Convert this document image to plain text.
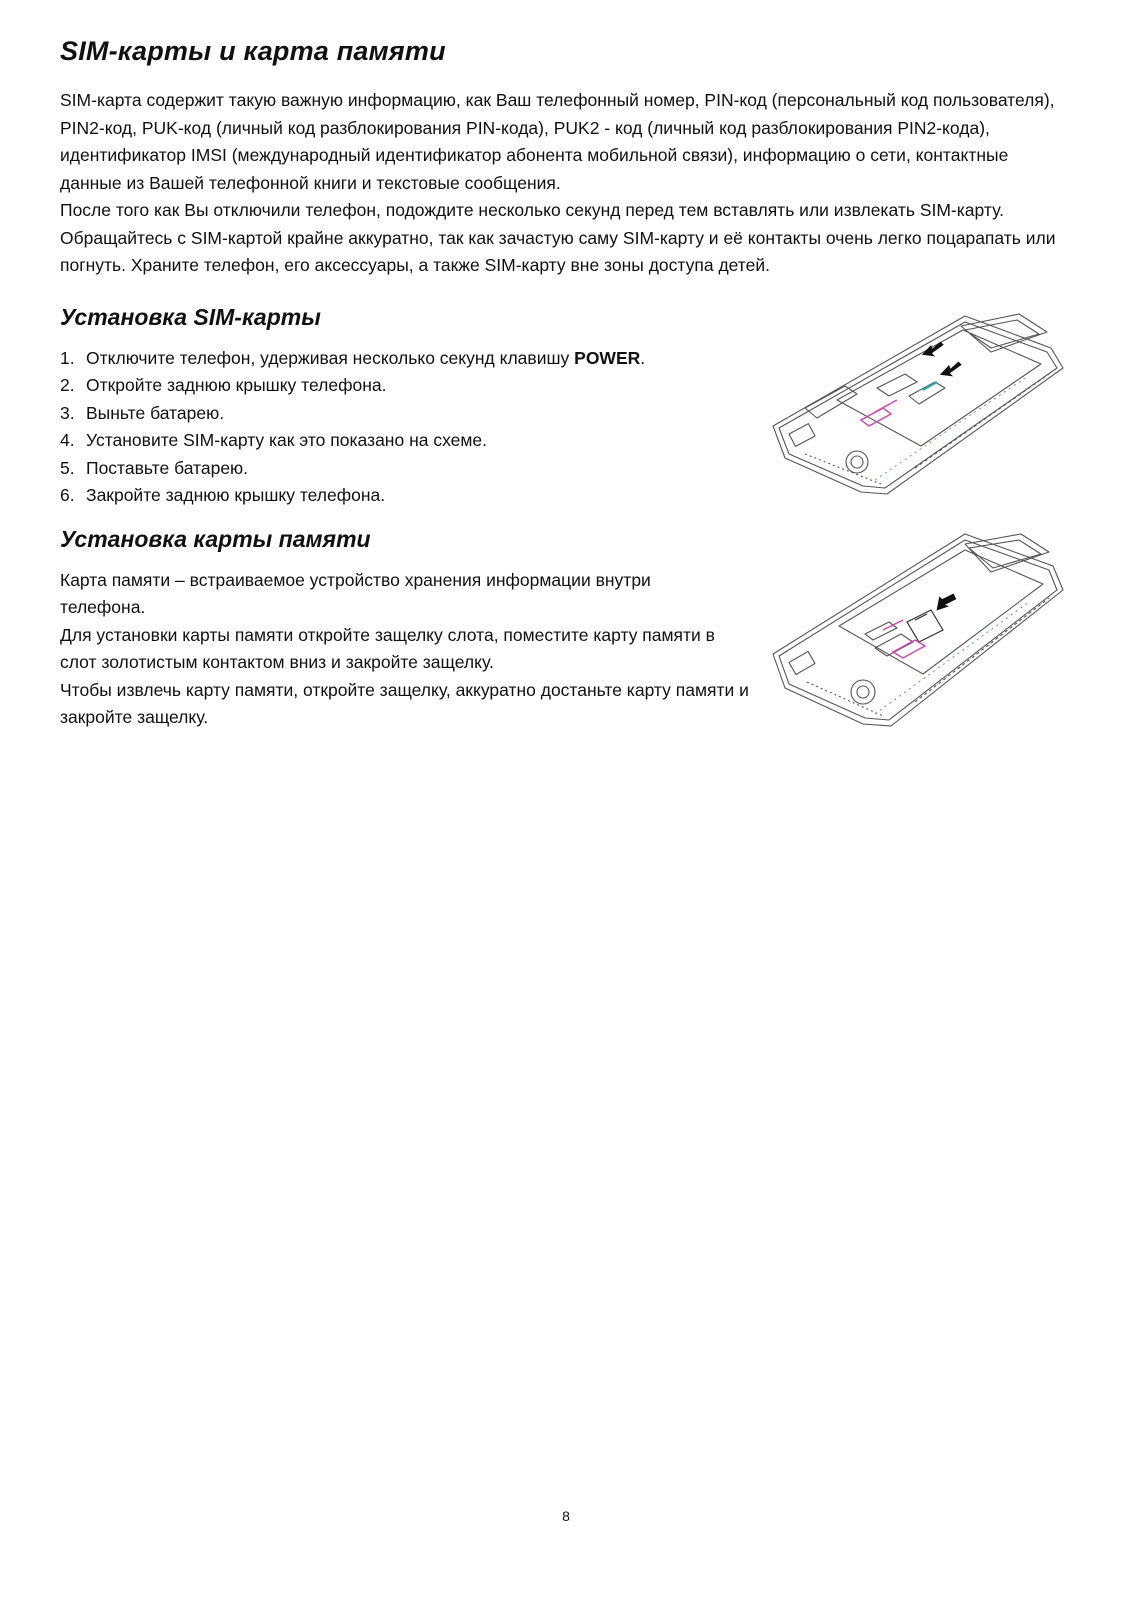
SIM-карты и карта памяти

SIM-карта содержит такую важную информацию, как Ваш телефонный номер, PIN-код (персональный код пользователя), PIN2-код, PUK-код (личный код разблокирования PIN-кода), PUK2 - код (личный код разблокирования PIN2-кода), идентификатор IMSI (международный идентификатор абонента мобильной связи), информацию о сети, контактные данные из Вашей телефонной книги и текстовые сообщения.

После того как Вы отключили телефон, подождите несколько секунд перед тем вставлять или извлекать SIM-карту. Обращайтесь с SIM-картой крайне аккуратно, так как зачастую саму SIM-карту и её контакты очень легко поцарапать или погнуть. Храните телефон, его аксессуары, а также SIM-карту вне зоны доступа детей.

Установка SIM-карты
1. Отключите телефон, удерживая несколько секунд клавишу POWER.
2. Откройте заднюю крышку телефона.
3. Выньте батарею.
4. Установите SIM-карту как это показано на схеме.
5. Поставьте батарею.
6. Закройте заднюю крышку телефона.
Установка карты памяти

Карта памяти – встраиваемое устройство хранения информации внутри телефона.

Для установки карты памяти откройте защелку слота, поместите карту памяти в слот золотистым контактом вниз и закройте защелку.

Чтобы извлечь карту памяти, откройте защелку, аккуратно достаньте карту памяти и закройте защелку.

8
